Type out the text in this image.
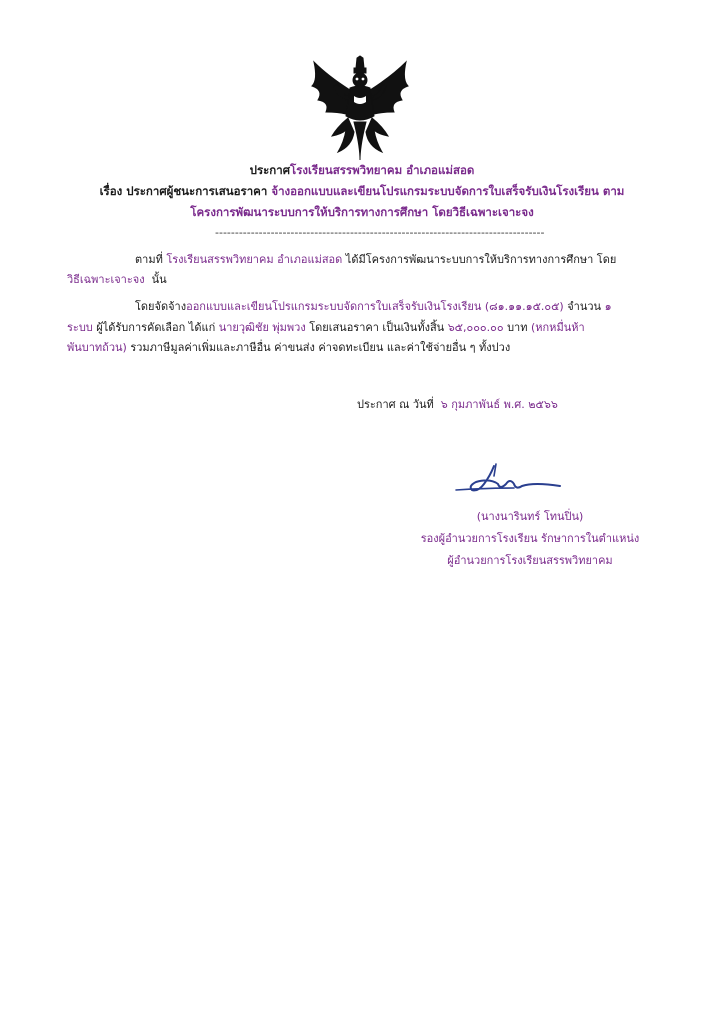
ประกาศโรงเรียนสรรพวิทยาคม อำเภอแม่สอด
เรื่อง ประกาศผู้ชนะการเสนอราคา จ้างออกแบบและเขียนโปรแกรมระบบจัดการใบเสร็จรับเงินโรงเรียน ตาม
โครงการพัฒนาระบบการให้บริการทางการศึกษา โดยวิธีเฉพาะเจาะจง
-----------------------------------------------------------------------------------
ตามที่ โรงเรียนสรรพวิทยาคม อำเภอแม่สอด ได้มีโครงการพัฒนาระบบการให้บริการทางการศึกษา โดย
วิธีเฉพาะเจาะจง นั้น
โดยจัดจ้างออกแบบและเขียนโปรแกรมระบบจัดการใบเสร็จรับเงินโรงเรียน (๘๑.๑๑.๑๕.๐๕) จำนวน ๑
ระบบ ผู้ได้รับการคัดเลือก ได้แก่ นายวุฒิชัย พุ่มพวง โดยเสนอราคา เป็นเงินทั้งสิ้น ๖๕,๐๐๐.๐๐ บาท (หกหมื่นห้า
พันบาทถ้วน) รวมภาษีมูลค่าเพิ่มและภาษีอื่น ค่าขนส่ง ค่าจดทะเบียน และค่าใช้จ่ายอื่น ๆ ทั้งปวง
ประกาศ ณ วันที่ ๖ กุมภาพันธ์ พ.ศ. ๒๕๖๖
(นางนารินทร์ โทนปิ่น)
รองผู้อำนวยการโรงเรียน รักษาการในตำแหน่ง
ผู้อำนวยการโรงเรียนสรรพวิทยาคม
